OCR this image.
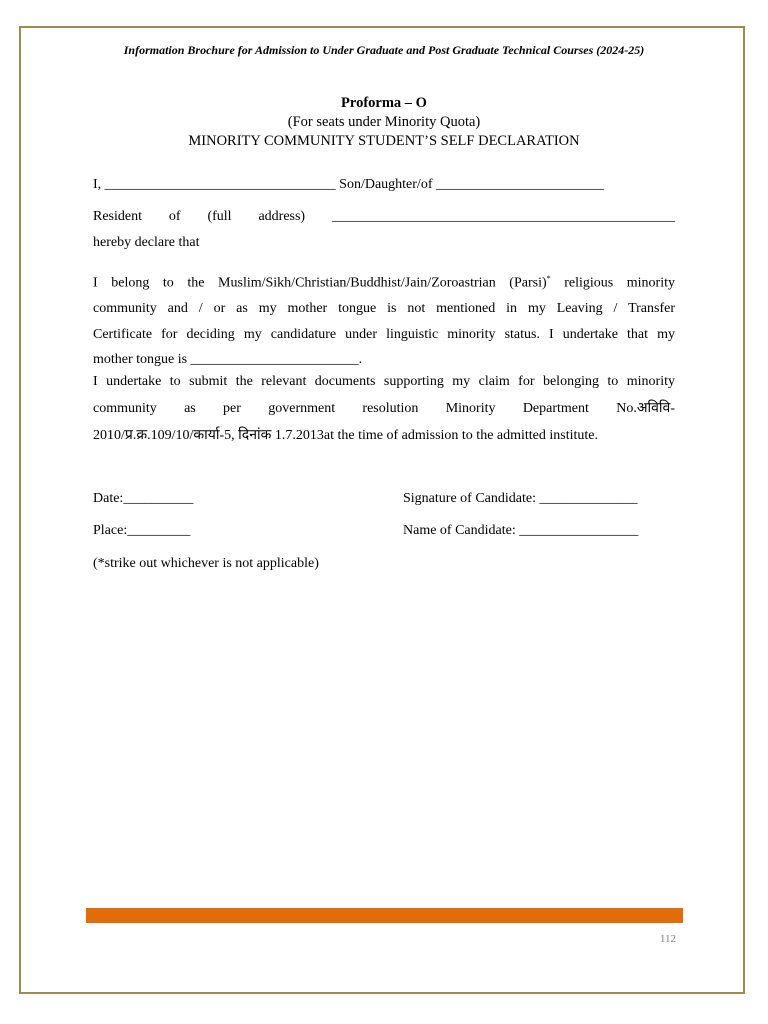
Information Brochure for Admission to Under Graduate and Post Graduate Technical Courses (2024-25)
Proforma – O
(For seats under Minority Quota)
MINORITY COMMUNITY STUDENT’S SELF DECLARATION
I, _________________________________ Son/Daughter/of ________________________
Resident of (full address) _________________________________________________
hereby declare that
I belong to the Muslim/Sikh/Christian/Buddhist/Jain/Zoroastrian (Parsi)* religious minority
community and / or as my mother tongue is not mentioned in my Leaving / Transfer
Certificate for deciding my candidature under linguistic minority status. I undertake that my
mother tongue is ________________________.
I undertake to submit the relevant documents supporting my claim for belonging to minority
community as per government resolution Minority Department No.अविवि-
2010/प्र.क्र.109/10/कार्या-5, दिनांक 1.7.2013at the time of admission to the admitted institute.
Date:__________	Signature of Candidate: ______________
Place:_________	Name of Candidate: _________________
(*strike out whichever is not applicable)
112
